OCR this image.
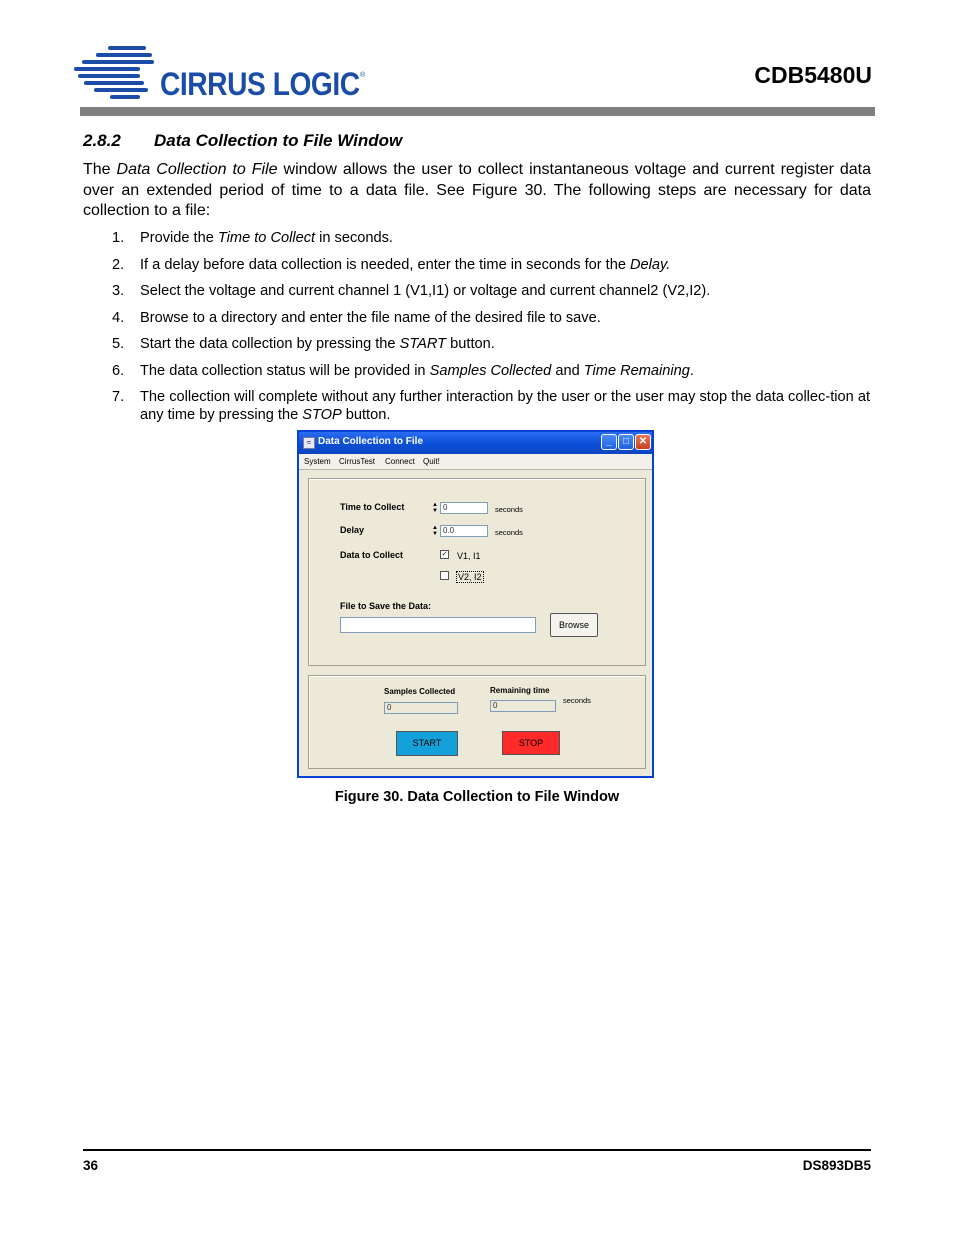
CIRRUS LOGIC ®	CDB5480U
2.8.2 Data Collection to File Window
The Data Collection to File window allows the user to collect instantaneous voltage and current register data over an extended period of time to a data file. See Figure 30. The following steps are necessary for data collection to a file:
1. Provide the Time to Collect in seconds.
2. If a delay before data collection is needed, enter the time in seconds for the Delay.
3. Select the voltage and current channel 1 (V1,I1) or voltage and current channel2 (V2,I2).
4. Browse to a directory and enter the file name of the desired file to save.
5. Start the data collection by pressing the START button.
6. The data collection status will be provided in Samples Collected and Time Remaining.
7. The collection will complete without any further interaction by the user or the user may stop the data collec-tion at any time by pressing the STOP button.
≈ Data Collection to File	_	□ ✕
System CirrusTest Connect Quit!
Time to Collect	▲
▼ 0	seconds
Delay	▲
▼ 0.0	seconds
Data to Collect	✓ V1, I1
V2, I2
File to Save the Data:
Browse
Samples Collected
0
Remaining time
0
seconds
START	STOP
Figure 30. Data Collection to File Window
36	DS893DB5
